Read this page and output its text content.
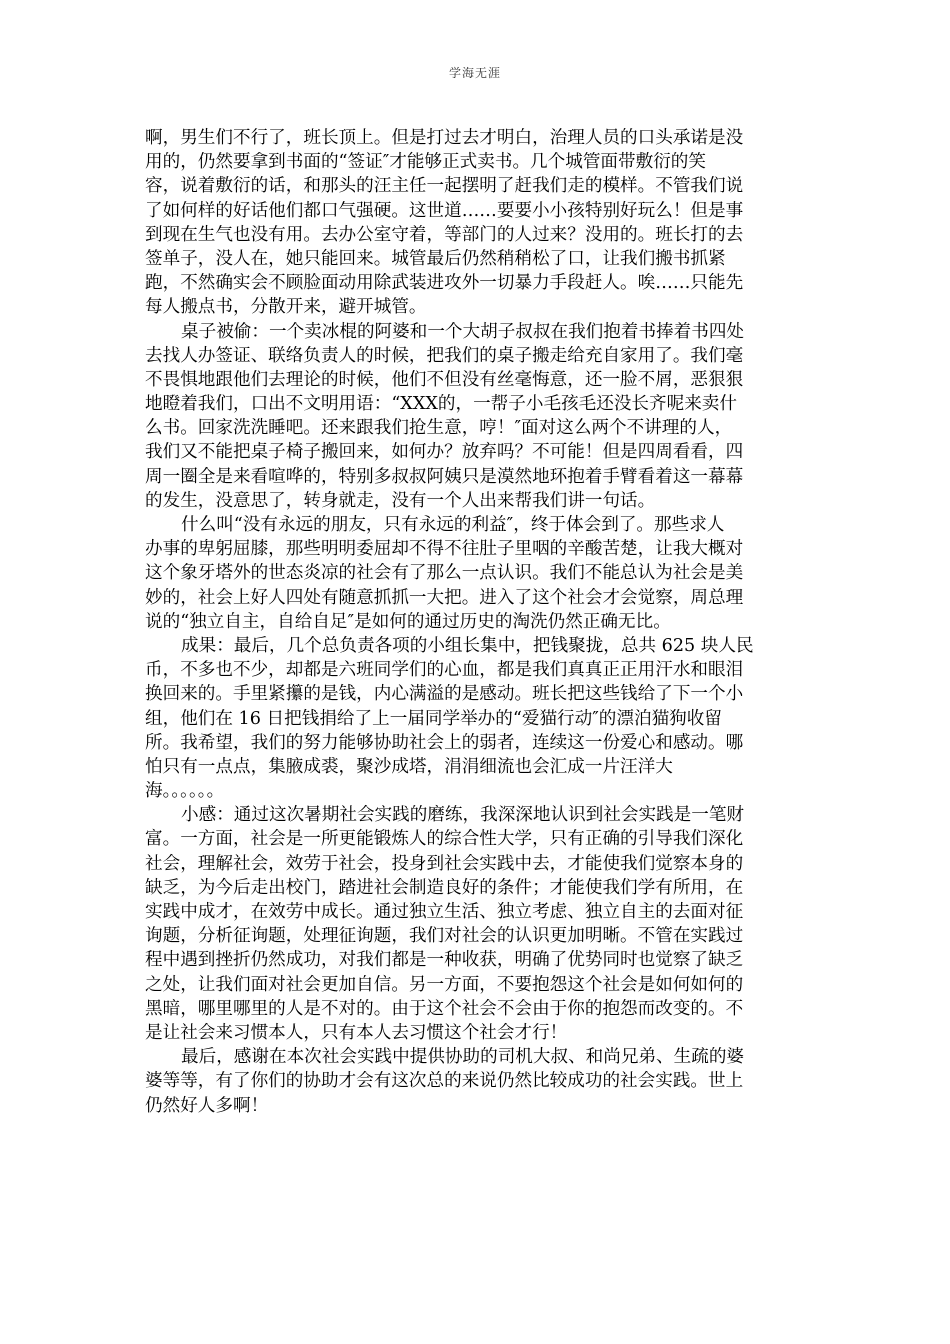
学海无涯
啊，男生们不行了，班长顶上。但是打过去才明白，治理人员的口头承诺是没
用的，仍然要拿到书面的“签证″才能够正式卖书。几个城管面带敷衍的笑
容，说着敷衍的话，和那头的汪主任一起摆明了赶我们走的模样。不管我们说
了如何样的好话他们都口气强硬。这世道……要要小小孩特别好玩么！但是事
到现在生气也没有用。去办公室守着，等部门的人过来？没用的。班长打的去
签单子，没人在，她只能回来。城管最后仍然稍稍松了口，让我们搬书抓紧
跑，不然确实会不顾脸面动用除武装进攻外一切暴力手段赶人。唉……只能先
每人搬点书，分散开来，避开城管。
桌子被偷：一个卖冰棍的阿婆和一个大胡子叔叔在我们抱着书捧着书四处
去找人办签证、联络负责人的时候，把我们的桌子搬走给充自家用了。我们毫
不畏惧地跟他们去理论的时候，他们不但没有丝毫悔意，还一脸不屑，恶狠狠
地瞪着我们，口出不文明用语：“XXX的，一帮子小毛孩毛还没长齐呢来卖什
么书。回家洗洗睡吧。还来跟我们抢生意，哼！″面对这么两个不讲理的人，
我们又不能把桌子椅子搬回来，如何办？放弃吗？不可能！但是四周看看，四
周一圈全是来看喧哗的，特别多叔叔阿姨只是漠然地环抱着手臂看着这一幕幕
的发生，没意思了，转身就走，没有一个人出来帮我们讲一句话。
什么叫“没有永远的朋友，只有永远的利益″，终于体会到了。那些求人
办事的卑躬屈膝，那些明明委屈却不得不往肚子里咽的辛酸苦楚，让我大概对
这个象牙塔外的世态炎凉的社会有了那么一点认识。我们不能总认为社会是美
妙的，社会上好人四处有随意抓抓一大把。进入了这个社会才会觉察，周总理
说的“独立自主，自给自足″是如何的通过历史的淘洗仍然正确无比。
成果：最后，几个总负责各项的小组长集中，把钱聚拢，总共 625 块人民
币，不多也不少，却都是六班同学们的心血，都是我们真真正正用汗水和眼泪
换回来的。手里紧攥的是钱，内心满溢的是感动。班长把这些钱给了下一个小
组，他们在 16 日把钱捐给了上一届同学举办的“爱猫行动″的漂泊猫狗收留
所。我希望，我们的努力能够协助社会上的弱者，连续这一份爱心和感动。哪
怕只有一点点，集腋成裘，聚沙成塔，涓涓细流也会汇成一片汪洋大
海。。。。。。
小感：通过这次暑期社会实践的磨练，我深深地认识到社会实践是一笔财
富。一方面，社会是一所更能锻炼人的综合性大学，只有正确的引导我们深化
社会，理解社会，效劳于社会，投身到社会实践中去，才能使我们觉察本身的
缺乏，为今后走出校门，踏进社会制造良好的条件；才能使我们学有所用，在
实践中成才，在效劳中成长。通过独立生活、独立考虑、独立自主的去面对征
询题，分析征询题，处理征询题，我们对社会的认识更加明晰。不管在实践过
程中遇到挫折仍然成功，对我们都是一种收获，明确了优势同时也觉察了缺乏
之处，让我们面对社会更加自信。另一方面，不要抱怨这个社会是如何如何的
黑暗，哪里哪里的人是不对的。由于这个社会不会由于你的抱怨而改变的。不
是让社会来习惯本人，只有本人去习惯这个社会才行！
最后，感谢在本次社会实践中提供协助的司机大叔、和尚兄弟、生疏的婆
婆等等，有了你们的协助才会有这次总的来说仍然比较成功的社会实践。世上
仍然好人多啊！
